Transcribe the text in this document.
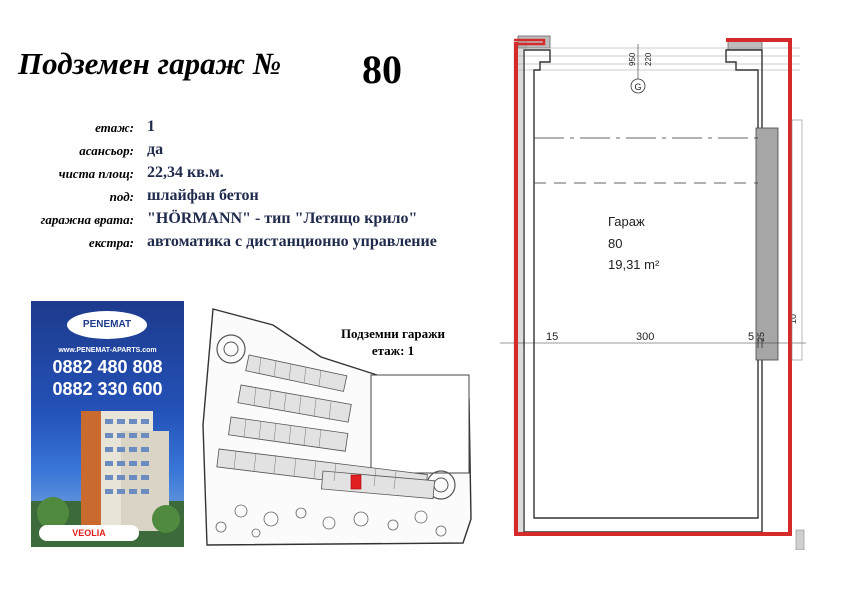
Подземен гараж № 80
етаж: 1
асансьор: да
чиста площ: 22,34 кв.м.
под: шлайфан бетон
гаражна врата: "HÖRMANN" - тип "Летящо крило"
екстра: автоматика с дистанционно управление
PENEMAT
www.PENEMAT-APARTS.com
0882 480 808
0882 330 600
VEOLIA
Подземни гаражи
етаж: 1
G
950 220
Гараж
80
19,31 m²
15	300	5 25
10
